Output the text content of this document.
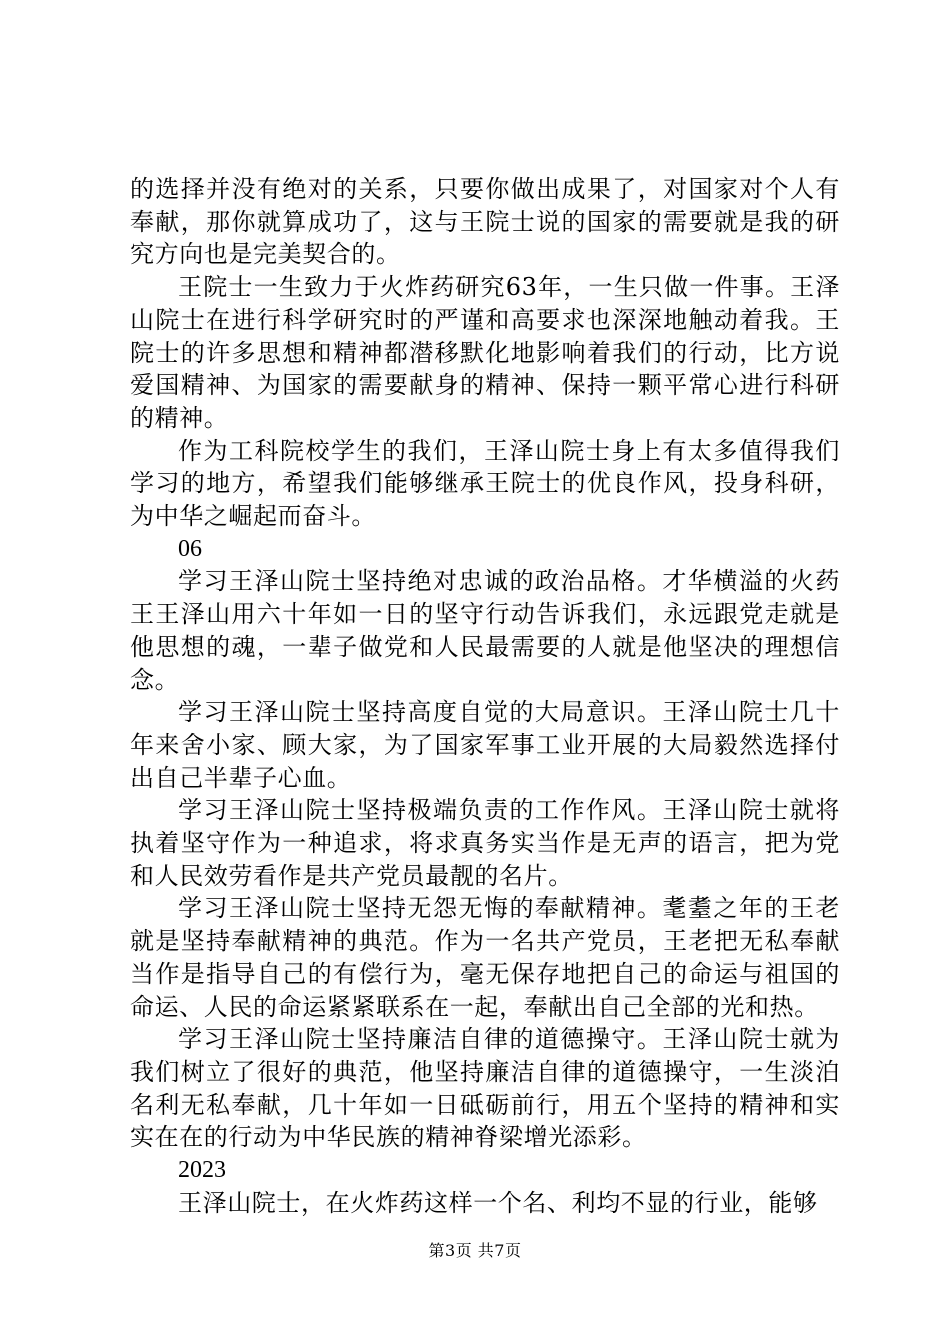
的选择并没有绝对的关系，只要你做出成果了，对国家对个人有奉献，那你就算成功了，这与王院士说的国家的需要就是我的研究方向也是完美契合的。

王院士一生致力于火炸药研究63年，一生只做一件事。王泽山院士在进行科学研究时的严谨和高要求也深深地触动着我。王院士的许多思想和精神都潜移默化地影响着我们的行动，比方说爱国精神、为国家的需要献身的精神、保持一颗平常心进行科研的精神。

作为工科院校学生的我们，王泽山院士身上有太多值得我们学习的地方，希望我们能够继承王院士的优良作风，投身科研，为中华之崛起而奋斗。

06

学习王泽山院士坚持绝对忠诚的政治品格。才华横溢的火药王王泽山用六十年如一日的坚守行动告诉我们，永远跟党走就是他思想的魂，一辈子做党和人民最需要的人就是他坚决的理想信念。

学习王泽山院士坚持高度自觉的大局意识。王泽山院士几十年来舍小家、顾大家，为了国家军事工业开展的大局毅然选择付出自己半辈子心血。

学习王泽山院士坚持极端负责的工作作风。王泽山院士就将执着坚守作为一种追求，将求真务实当作是无声的语言，把为党和人民效劳看作是共产党员最靓的名片。

学习王泽山院士坚持无怨无悔的奉献精神。耄耋之年的王老就是坚持奉献精神的典范。作为一名共产党员，王老把无私奉献当作是指导自己的有偿行为，毫无保存地把自己的命运与祖国的命运、人民的命运紧紧联系在一起，奉献出自己全部的光和热。

学习王泽山院士坚持廉洁自律的道德操守。王泽山院士就为我们树立了很好的典范，他坚持廉洁自律的道德操守，一生淡泊名利无私奉献，几十年如一日砥砺前行，用五个坚持的精神和实实在在的行动为中华民族的精神脊梁增光添彩。

2023

王泽山院士，在火炸药这样一个名、利均不显的行业，能够

第3页 共7页
